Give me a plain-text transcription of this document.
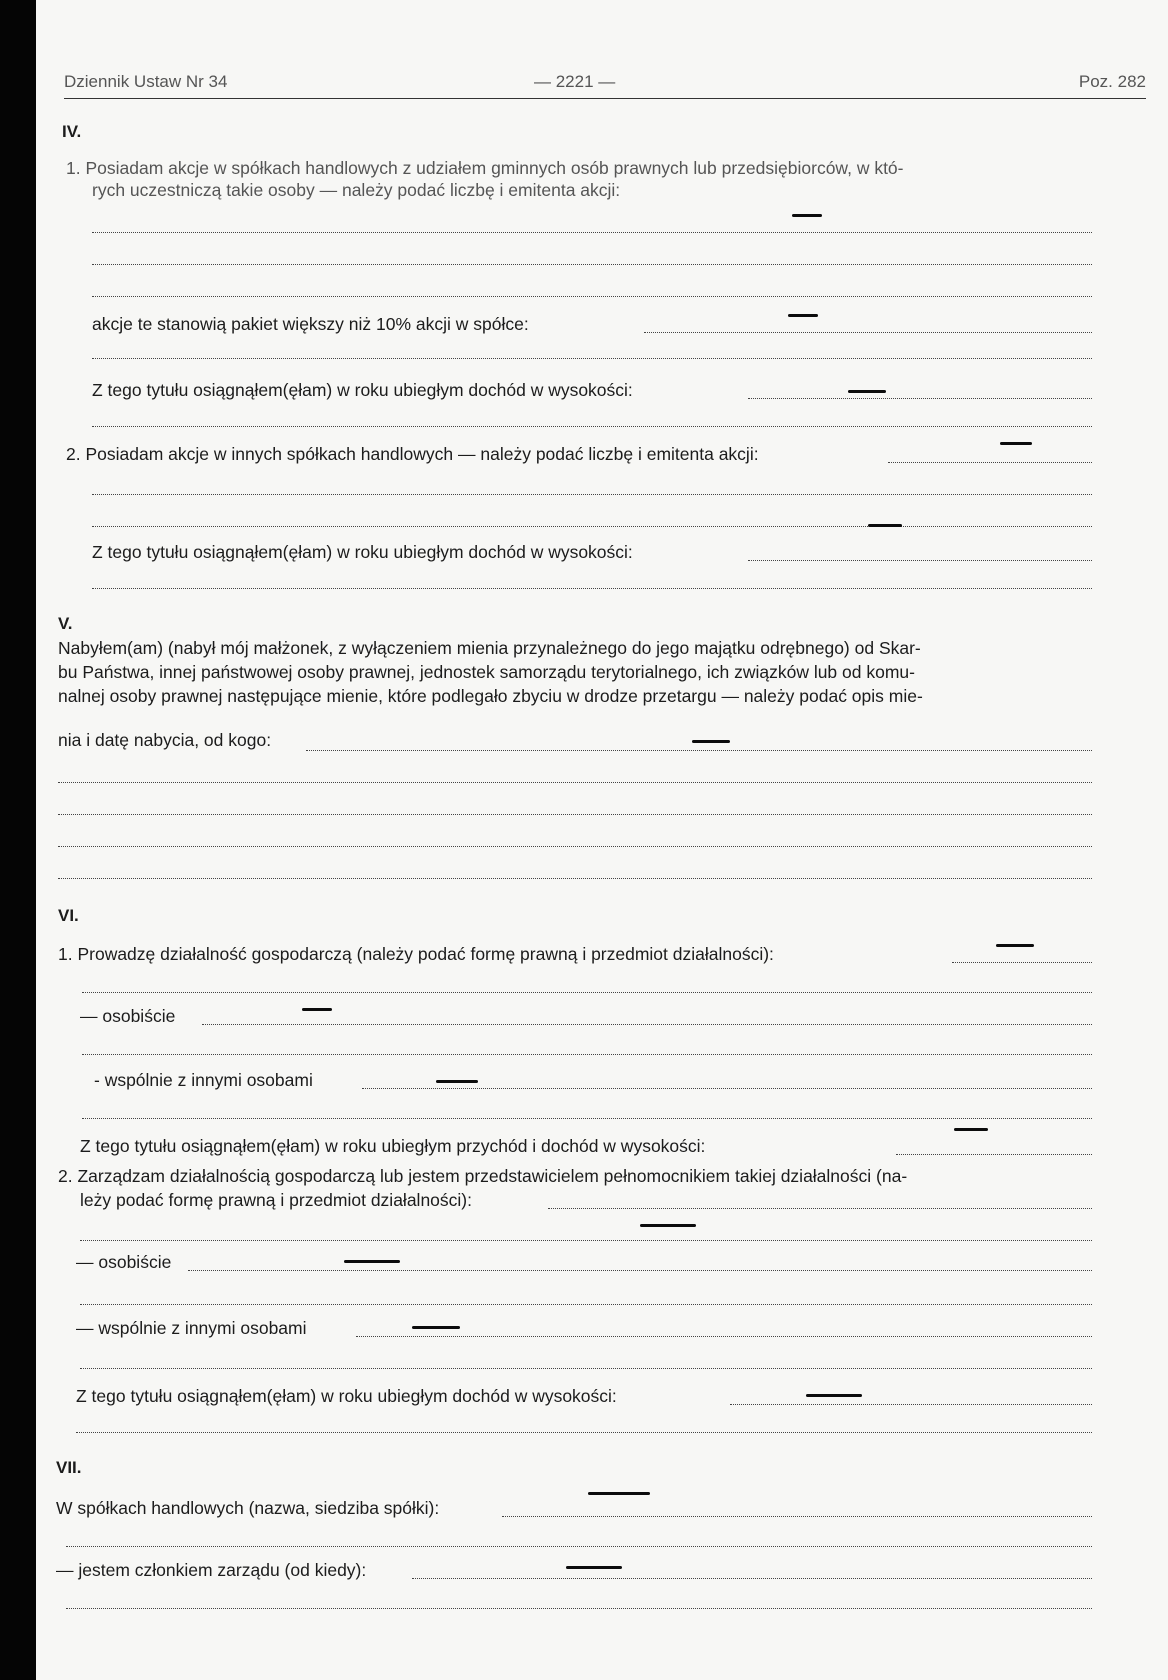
Dziennik Ustaw Nr 34	— 2221 —	Poz. 282
IV.
1. Posiadam akcje w spółkach handlowych z udziałem gminnych osób prawnych lub przedsiębiorców, w któ-
rych uczestniczą takie osoby — należy podać liczbę i emitenta akcji:
akcje te stanowią pakiet większy niż 10% akcji w spółce:
Z tego tytułu osiągnąłem(ęłam) w roku ubiegłym dochód w wysokości:
2. Posiadam akcje w innych spółkach handlowych — należy podać liczbę i emitenta akcji:
Z tego tytułu osiągnąłem(ęłam) w roku ubiegłym dochód w wysokości:
V.
Nabyłem(am) (nabył mój małżonek, z wyłączeniem mienia przynależnego do jego majątku odrębnego) od Skar-
bu Państwa, innej państwowej osoby prawnej, jednostek samorządu terytorialnego, ich związków lub od komu-
nalnej osoby prawnej następujące mienie, które podlegało zbyciu w drodze przetargu — należy podać opis mie-
nia i datę nabycia, od kogo:
VI.
1. Prowadzę działalność gospodarczą (należy podać formę prawną i przedmiot działalności):
— osobiście
- wspólnie z innymi osobami
Z tego tytułu osiągnąłem(ęłam) w roku ubiegłym przychód i dochód w wysokości:
2. Zarządzam działalnością gospodarczą lub jestem przedstawicielem pełnomocnikiem takiej działalności (na-
leży podać formę prawną i przedmiot działalności):
— osobiście
— wspólnie z innymi osobami
Z tego tytułu osiągnąłem(ęłam) w roku ubiegłym dochód w wysokości:
VII.
W spółkach handlowych (nazwa, siedziba spółki):
— jestem członkiem zarządu (od kiedy):
